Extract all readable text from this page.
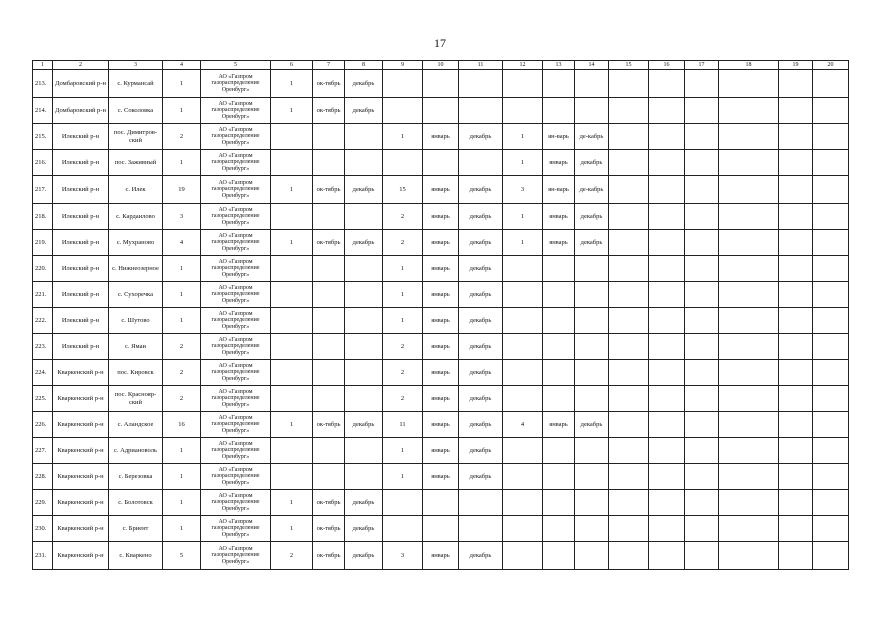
17
1	2	3	4	5	6	7	8	9	10	11	12	13	14	15	16	17	18	19	20
213.	Домбаровский р-н	с. Курмансай	1	АО «Газпром газораспределение Оренбург»	1	ок-тябрь	декабрь												
214.	Домбаровский р-н	с. Соколовка	1	АО «Газпром газораспределение Оренбург»	1	ок-тябрь	декабрь												
215.	Илекский р-н	пос. Димитров-ский	2	АО «Газпром газораспределение Оренбург»				1	январь	декабрь	1	ян-варь	де-кабрь						
216.	Илекский р-н	пос. Заживный	1	АО «Газпром газораспределение Оренбург»							1	январь	декабрь						
217.	Илекский р-н	с. Илек	19	АО «Газпром газораспределение Оренбург»	1	ок-тябрь	декабрь	15	январь	декабрь	3	ян-варь	де-кабрь						
218.	Илекский р-н	с. Кардаилово	3	АО «Газпром газораспределение Оренбург»				2	январь	декабрь	1	январь	декабрь						
219.	Илекский р-н	с. Мухраново	4	АО «Газпром газораспределение Оренбург»	1	ок-тябрь	декабрь	2	январь	декабрь	1	январь	декабрь						
220.	Илекский р-н	с. Нижнеозерное	1	АО «Газпром газораспределение Оренбург»				1	январь	декабрь									
221.	Илекский р-н	с. Сухоречка	1	АО «Газпром газораспределение Оренбург»				1	январь	декабрь									
222.	Илекский р-н	с. Шутово	1	АО «Газпром газораспределение Оренбург»				1	январь	декабрь									
223.	Илекский р-н	с. Ямаи	2	АО «Газпром газораспределение Оренбург»				2	январь	декабрь									
224.	Кваркенский р-н	пос. Кировск	2	АО «Газпром газораспределение Оренбург»				2	январь	декабрь									
225.	Кваркенский р-н	пос. Краснояр-ский	2	АО «Газпром газораспределение Оренбург»				2	январь	декабрь									
226.	Кваркенский р-н	с. Аландское	16	АО «Газпром газораспределение Оренбург»	1	ок-тябрь	декабрь	11	январь	декабрь	4	январь	декабрь						
227.	Кваркенский р-н	с. Адриановоль	1	АО «Газпром газораспределение Оренбург»				1	январь	декабрь									
228.	Кваркенский р-н	с. Березовка	1	АО «Газпром газораспределение Оренбург»				1	январь	декабрь									
229.	Кваркенский р-н	с. Болотовск	1	АО «Газпром газораспределение Оренбург»	1	ок-тябрь	декабрь												
230.	Кваркенский р-н	с. Бриент	1	АО «Газпром газораспределение Оренбург»	1	ок-тябрь	декабрь												
231.	Кваркенский р-н	с. Кваркено	5	АО «Газпром газораспределение Оренбург»	2	ок-тябрь	декабрь	3	январь	декабрь									
